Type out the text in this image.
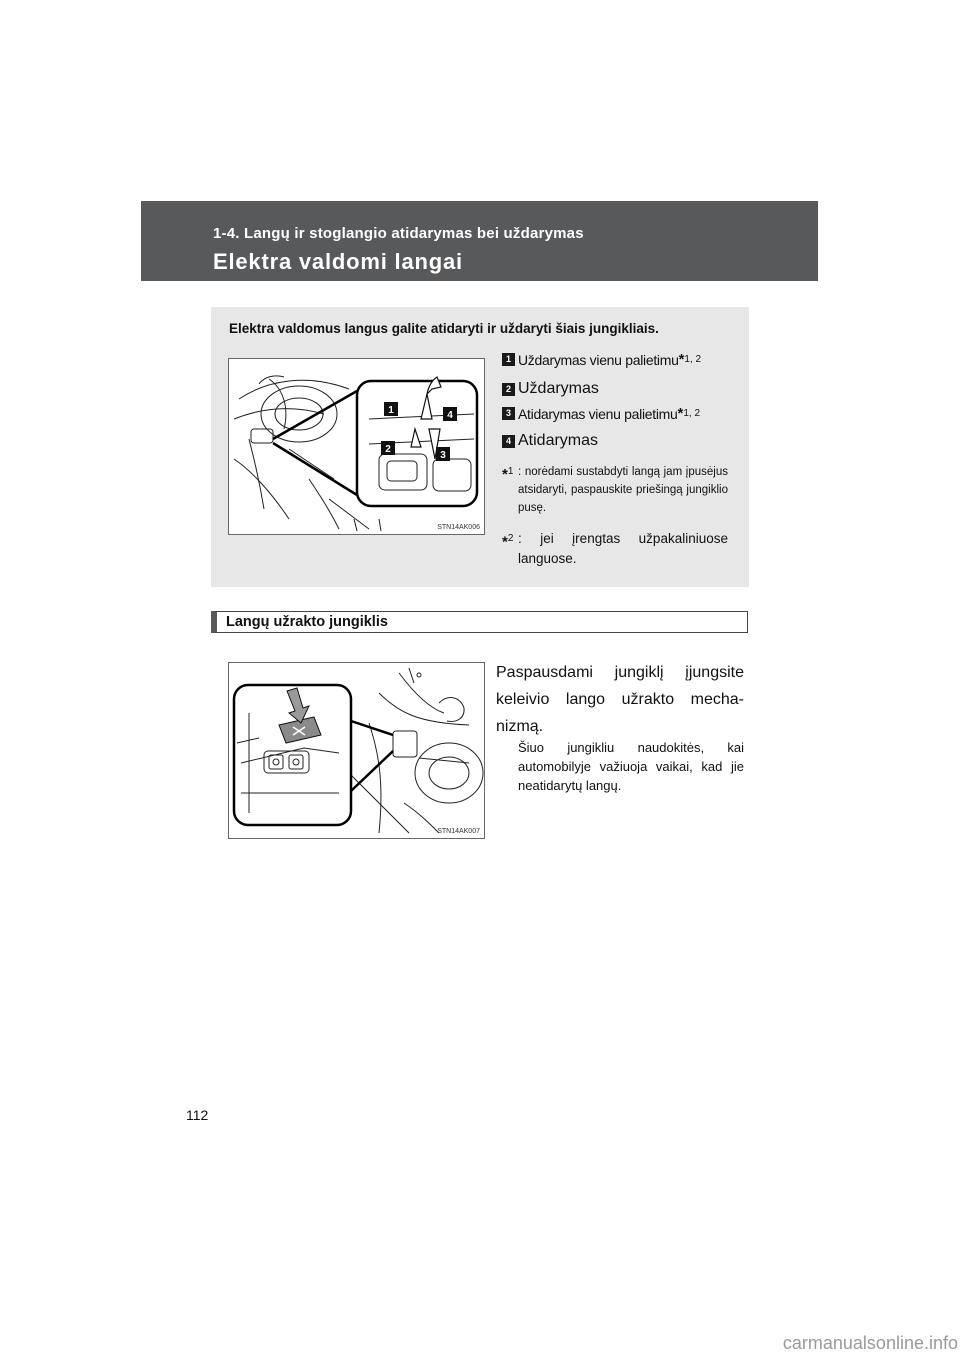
1-4. Langų ir stoglangio atidarymas bei uždarymas
Elektra valdomi langai
Elektra valdomus langus galite atidaryti ir uždaryti šiais jungikliais.
1	4
2
3
STN14AK006
1 Uždarymas vienu palietimu * 1, 2
2 Uždarymas
3 Atidarymas vienu palietimu * 1, 2
4 Atidarymas
*1 : norėdami sustabdyti langą jam įpusėjus atsidaryti, paspauskite priešingą jungiklio pusę.
*$^2$ : jei įrengtas užpakaliniuose languose.
Langų užrakto jungiklis
STN14AK007
Paspausdami jungiklį įjungsite keleivio lango užrakto mecha-nizmą.
Šiuo jungikliu naudokitės, kai automobilyje važiuoja vaikai, kad jie neatidarytų langų.
112
carmanualsonline.info
